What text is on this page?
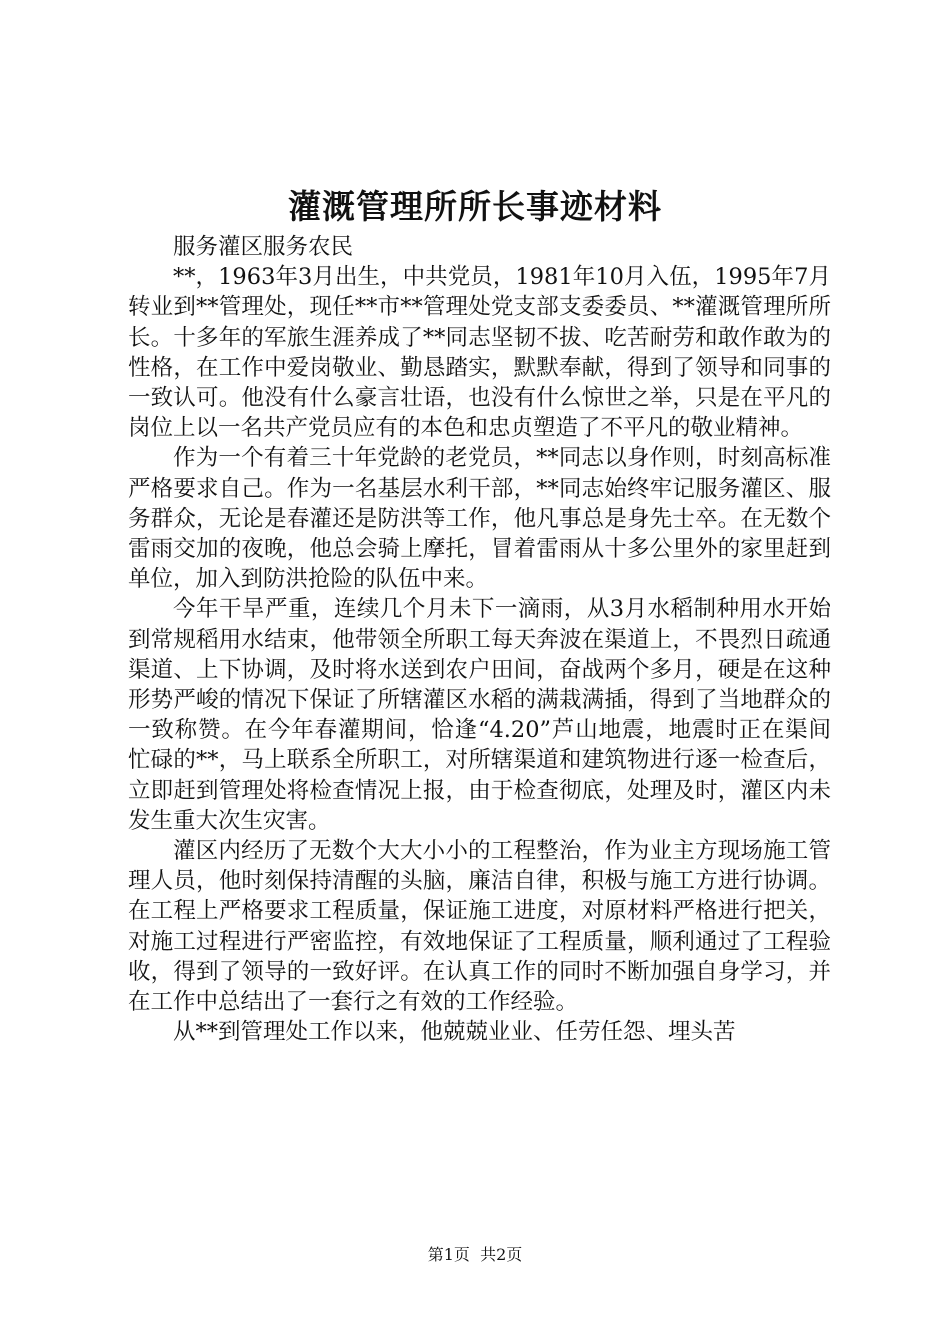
灌溉管理所所长事迹材料

服务灌区服务农民

**，1963年3月出生，中共党员，1981年10月入伍，1995年7月转业到**管理处，现任**市**管理处党支部支委委员、**灌溉管理所所长。十多年的军旅生涯养成了**同志坚韧不拔、吃苦耐劳和敢作敢为的性格，在工作中爱岗敬业、勤恳踏实，默默奉献，得到了领导和同事的一致认可。他没有什么豪言壮语，也没有什么惊世之举，只是在平凡的岗位上以一名共产党员应有的本色和忠贞塑造了不平凡的敬业精神。

作为一个有着三十年党龄的老党员，**同志以身作则，时刻高标准严格要求自己。作为一名基层水利干部，**同志始终牢记服务灌区、服务群众，无论是春灌还是防洪等工作，他凡事总是身先士卒。在无数个雷雨交加的夜晚，他总会骑上摩托，冒着雷雨从十多公里外的家里赶到单位，加入到防洪抢险的队伍中来。

今年干旱严重，连续几个月未下一滴雨，从3月水稻制种用水开始到常规稻用水结束，他带领全所职工每天奔波在渠道上，不畏烈日疏通渠道、上下协调，及时将水送到农户田间，奋战两个多月，硬是在这种形势严峻的情况下保证了所辖灌区水稻的满栽满插，得到了当地群众的一致称赞。在今年春灌期间，恰逢“4.20”芦山地震，地震时正在渠间忙碌的**，马上联系全所职工，对所辖渠道和建筑物进行逐一检查后，立即赶到管理处将检查情况上报，由于检查彻底，处理及时，灌区内未发生重大次生灾害。

灌区内经历了无数个大大小小的工程整治，作为业主方现场施工管理人员，他时刻保持清醒的头脑，廉洁自律，积极与施工方进行协调。在工程上严格要求工程质量，保证施工进度，对原材料严格进行把关，对施工过程进行严密监控，有效地保证了工程质量，顺利通过了工程验收，得到了领导的一致好评。在认真工作的同时不断加强自身学习，并在工作中总结出了一套行之有效的工作经验。

从**到管理处工作以来，他兢兢业业、任劳任怨、埋头苦

第1页 共2页
